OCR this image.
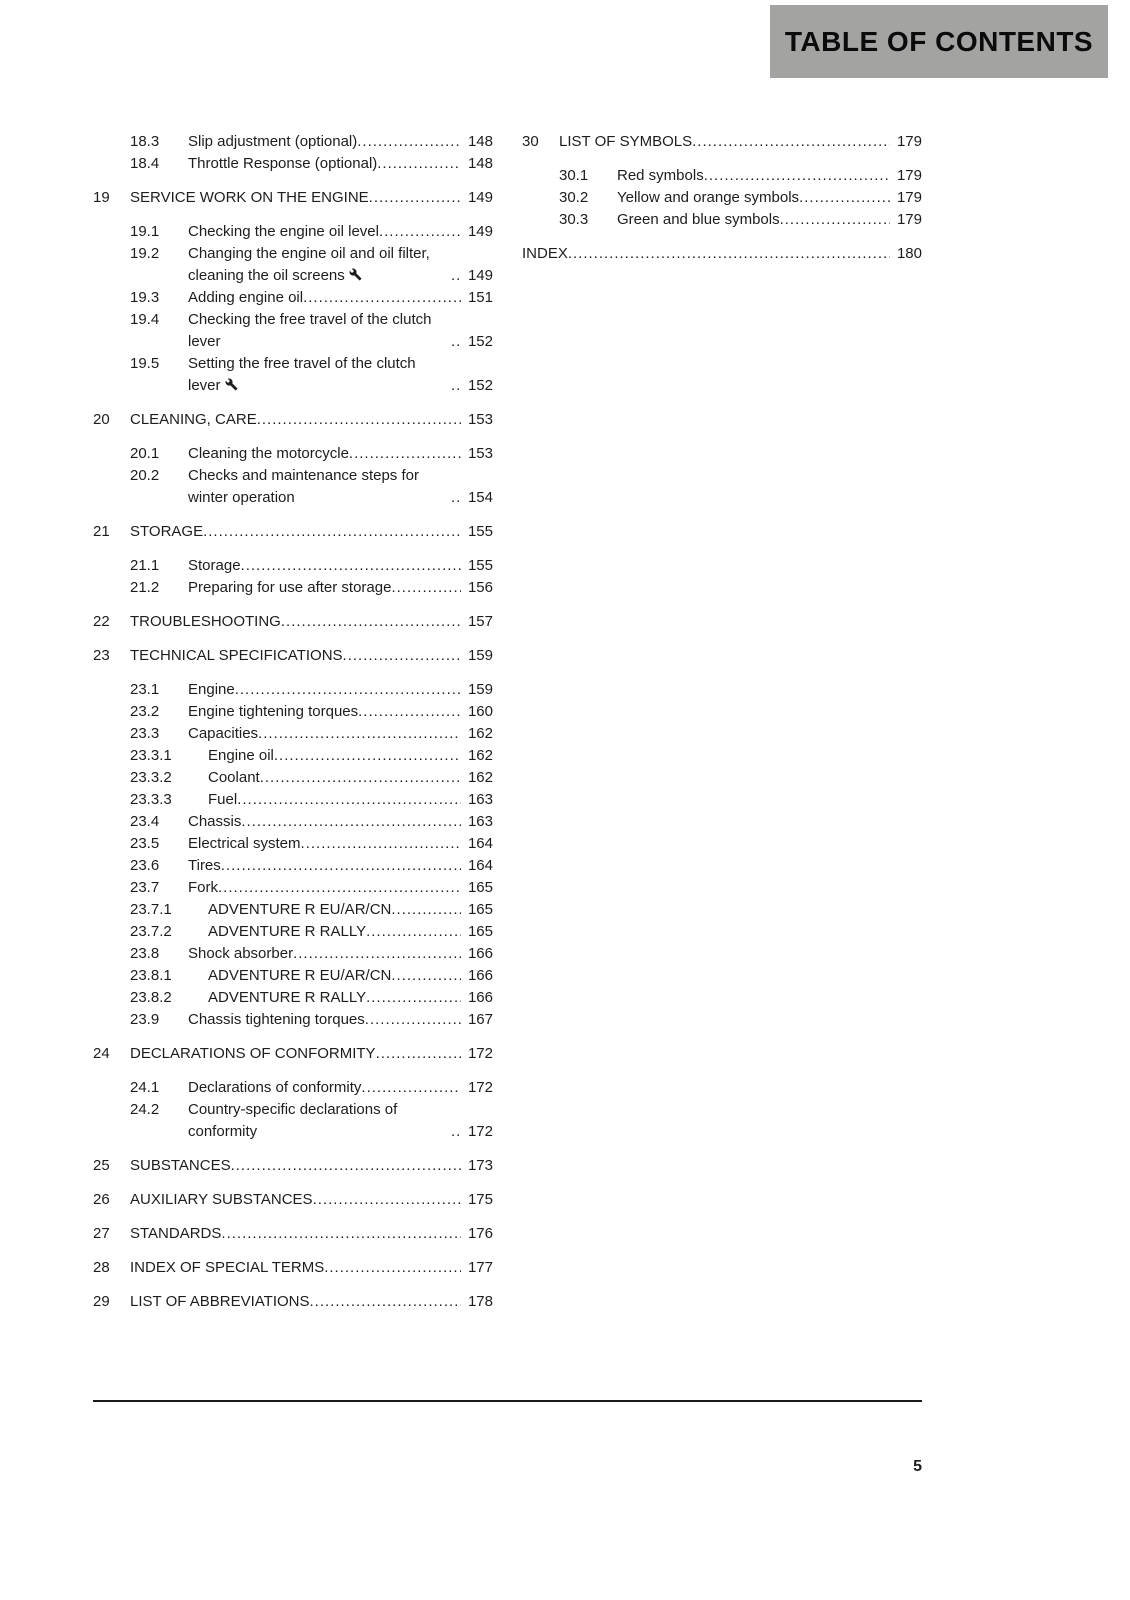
TABLE OF CONTENTS
18.3	Slip adjustment (optional) .....	148
18.4	Throttle Response (optional) .....	148
19	SERVICE WORK ON THE ENGINE .....	149
19.1	Checking the engine oil level .....	149
19.2	Changing the engine oil and oil filter, cleaning the oil screens .....	149
19.3	Adding engine oil .....	151
19.4	Checking the free travel of the clutch lever .....	152
19.5	Setting the free travel of the clutch lever .....	152
20	CLEANING, CARE .....	153
20.1	Cleaning the motorcycle .....	153
20.2	Checks and maintenance steps for winter operation .....	154
21	STORAGE .....	155
21.1	Storage .....	155
21.2	Preparing for use after storage .....	156
22	TROUBLESHOOTING .....	157
23	TECHNICAL SPECIFICATIONS .....	159
23.1	Engine .....	159
23.2	Engine tightening torques .....	160
23.3	Capacities .....	162
23.3.1	Engine oil .....	162
23.3.2	Coolant .....	162
23.3.3	Fuel .....	163
23.4	Chassis .....	163
23.5	Electrical system .....	164
23.6	Tires .....	164
23.7	Fork .....	165
23.7.1	ADVENTURE R EU/AR/CN .....	165
23.7.2	ADVENTURE R RALLY .....	165
23.8	Shock absorber .....	166
23.8.1	ADVENTURE R EU/AR/CN .....	166
23.8.2	ADVENTURE R RALLY .....	166
23.9	Chassis tightening torques .....	167
24	DECLARATIONS OF CONFORMITY .....	172
24.1	Declarations of conformity .....	172
24.2	Country-specific declarations of conformity .....	172
25	SUBSTANCES .....	173
26	AUXILIARY SUBSTANCES .....	175
27	STANDARDS .....	176
28	INDEX OF SPECIAL TERMS .....	177
29	LIST OF ABBREVIATIONS .....	178
30	LIST OF SYMBOLS .....	179
30.1	Red symbols .....	179
30.2	Yellow and orange symbols .....	179
30.3	Green and blue symbols .....	179
INDEX .....	180
5
